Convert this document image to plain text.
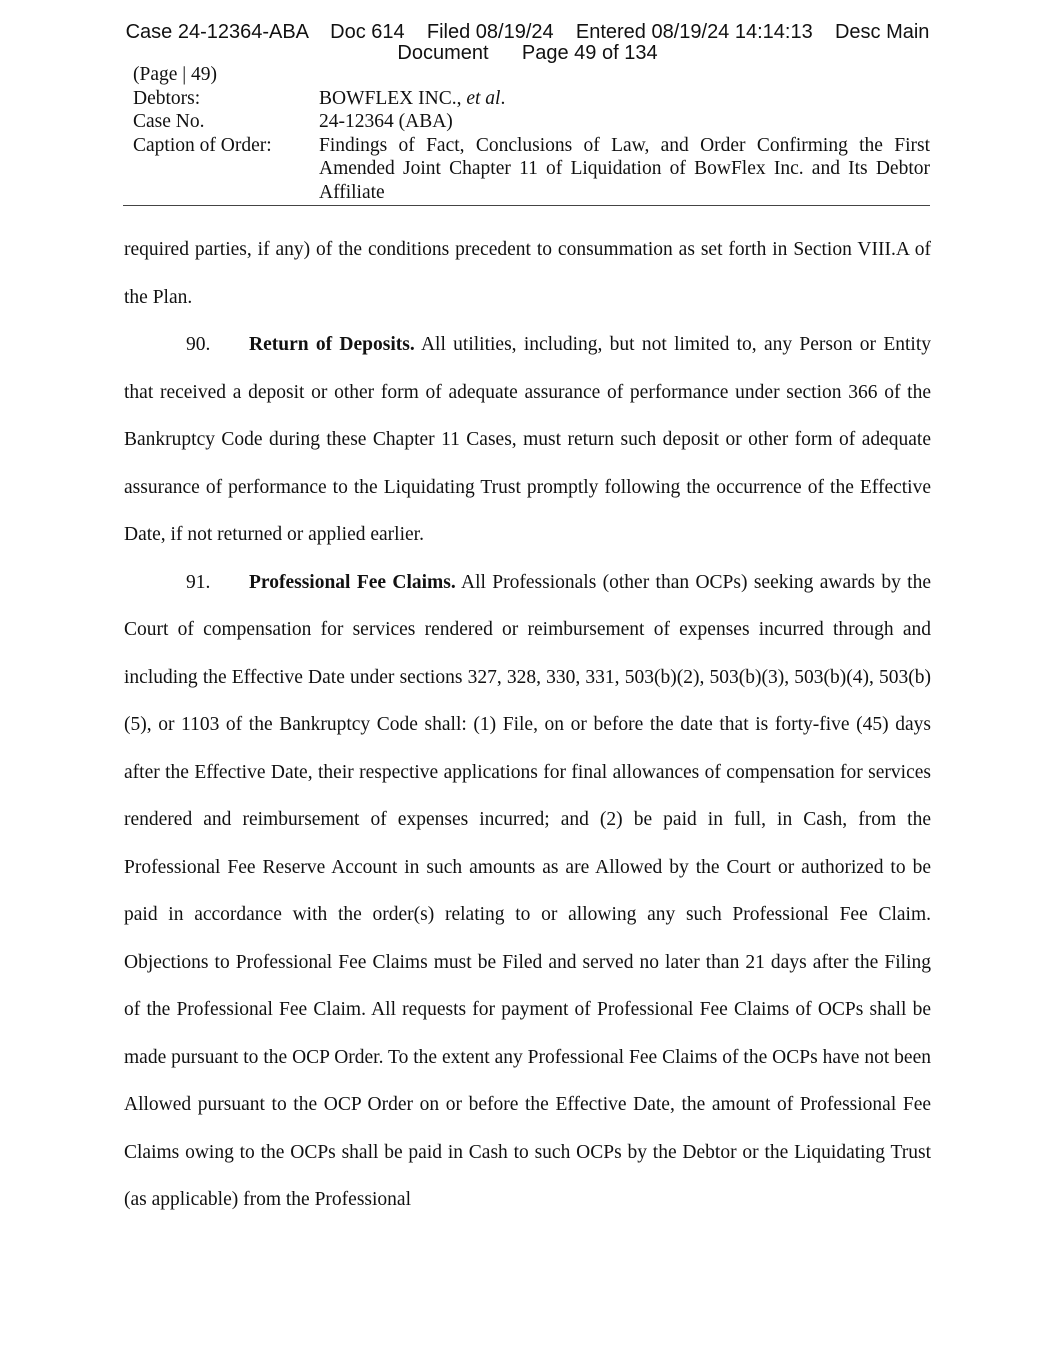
Case 24-12364-ABA    Doc 614    Filed 08/19/24    Entered 08/19/24 14:14:13    Desc Main
Document      Page 49 of 134
(Page | 49)
Debtors:	BOWFLEX INC., et al.
Case No.	24-12364 (ABA)
Caption of Order:	Findings of Fact, Conclusions of Law, and Order Confirming the First Amended Joint Chapter 11 of Liquidation of BowFlex Inc. and Its Debtor Affiliate

required parties, if any) of the conditions precedent to consummation as set forth in Section VIII.A of the Plan.

90. Return of Deposits. All utilities, including, but not limited to, any Person or Entity that received a deposit or other form of adequate assurance of performance under section 366 of the Bankruptcy Code during these Chapter 11 Cases, must return such deposit or other form of adequate assurance of performance to the Liquidating Trust promptly following the occurrence of the Effective Date, if not returned or applied earlier.

91. Professional Fee Claims. All Professionals (other than OCPs) seeking awards by the Court of compensation for services rendered or reimbursement of expenses incurred through and including the Effective Date under sections 327, 328, 330, 331, 503(b)(2), 503(b)(3), 503(b)(4), 503(b)(5), or 1103 of the Bankruptcy Code shall: (1) File, on or before the date that is forty-five (45) days after the Effective Date, their respective applications for final allowances of compensation for services rendered and reimbursement of expenses incurred; and (2) be paid in full, in Cash, from the Professional Fee Reserve Account in such amounts as are Allowed by the Court or authorized to be paid in accordance with the order(s) relating to or allowing any such Professional Fee Claim. Objections to Professional Fee Claims must be Filed and served no later than 21 days after the Filing of the Professional Fee Claim. All requests for payment of Professional Fee Claims of OCPs shall be made pursuant to the OCP Order. To the extent any Professional Fee Claims of the OCPs have not been Allowed pursuant to the OCP Order on or before the Effective Date, the amount of Professional Fee Claims owing to the OCPs shall be paid in Cash to such OCPs by the Debtor or the Liquidating Trust (as applicable) from the Professional
